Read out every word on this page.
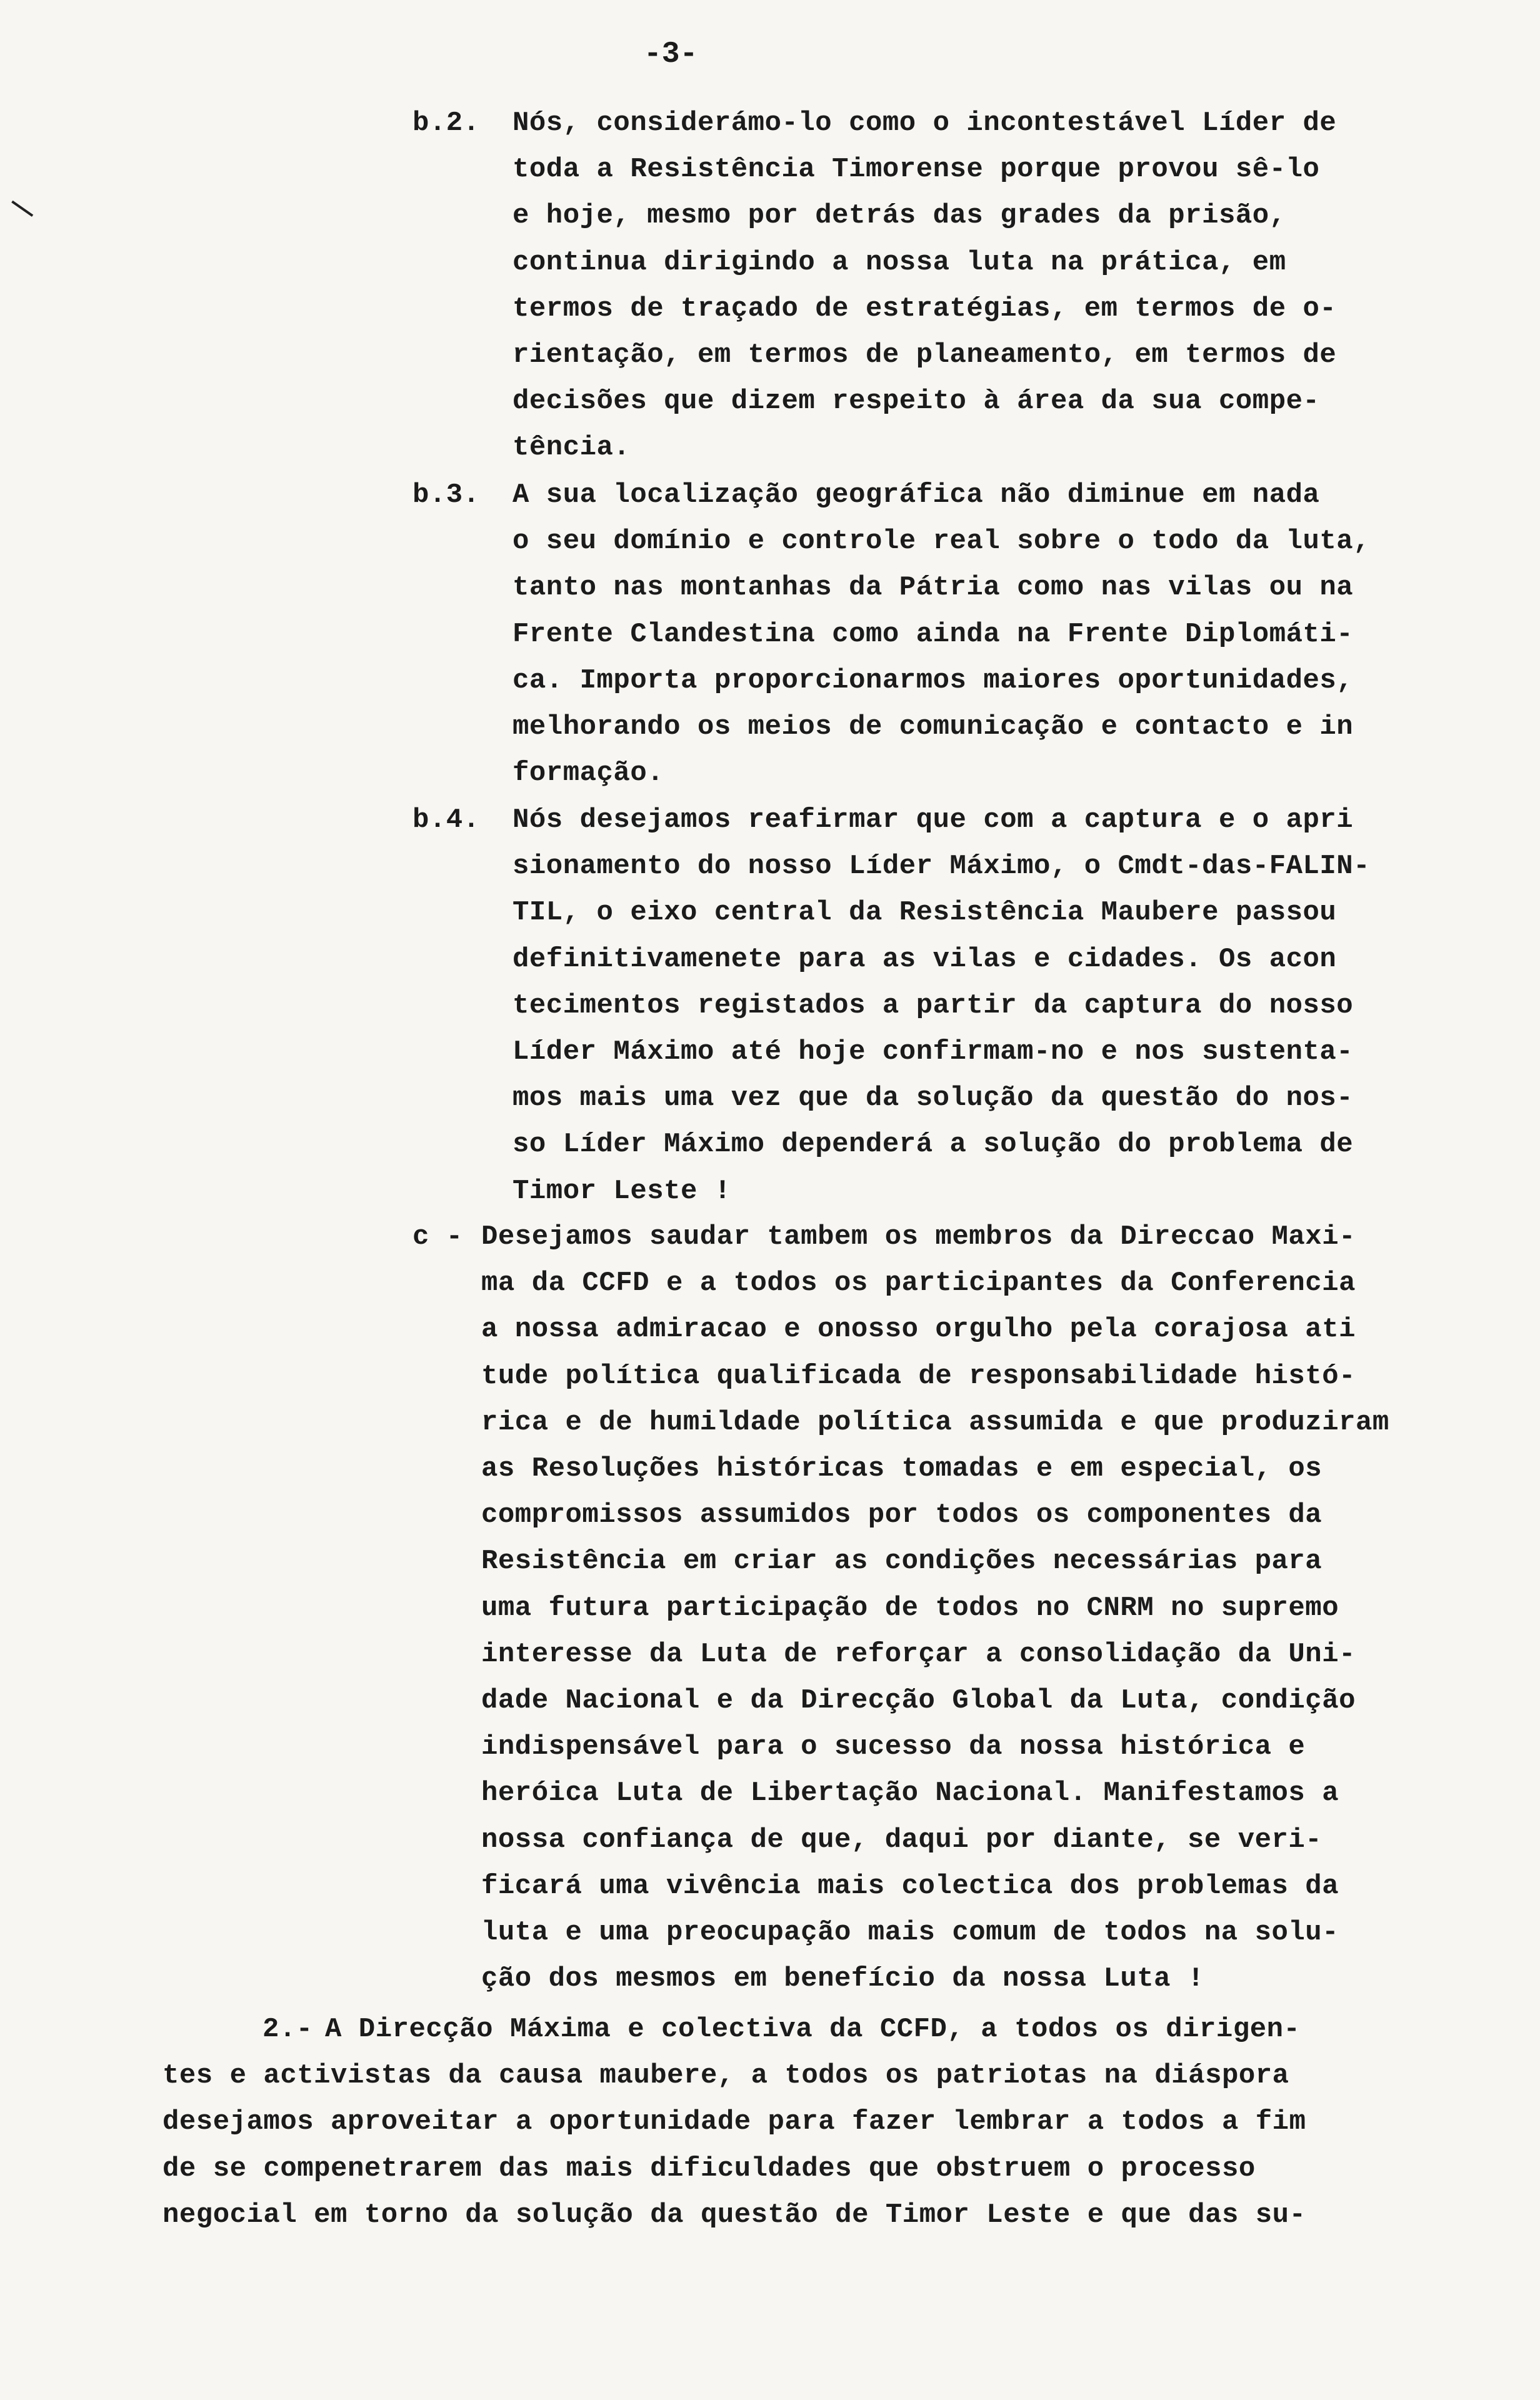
-3-
b.2. Nós, considerámo-lo como o incontestável Líder de
toda a Resistência Timorense porque provou sê-lo
e hoje, mesmo por detrás das grades da prisão,
continua dirigindo a nossa luta na prática, em
termos de traçado de estratégias, em termos de o-
rientação, em termos de planeamento, em termos de
decisões que dizem respeito à área da sua compe-
tência.
b.3. A sua localização geográfica não diminue em nada
o seu domínio e controle real sobre o todo da luta,
tanto nas montanhas da Pátria como nas vilas ou na
Frente Clandestina como ainda na Frente Diplomáti-
ca. Importa proporcionarmos maiores oportunidades,
melhorando os meios de comunicação e contacto e in
formação.
b.4. Nós desejamos reafirmar que com a captura e o apri
sionamento do nosso Líder Máximo, o Cmdt-das-FALIN-
TIL, o eixo central da Resistência Maubere passou
definitivamenete para as vilas e cidades. Os acon
tecimentos registados a partir da captura do nosso
Líder Máximo até hoje confirmam-no e nos sustenta-
mos mais uma vez que da solução da questão do nos-
so Líder Máximo dependerá a solução do problema de
Timor Leste !
c - Desejamos saudar tambem os membros da Direccao Maxi-
ma da CCFD e a todos os participantes da Conferencia
a nossa admiracao e onosso orgulho pela corajosa ati
tude política qualificada de responsabilidade histó-
rica e de humildade política assumida e que produziram
as Resoluções históricas tomadas e em especial, os
compromissos assumidos por todos os componentes da
Resistência em criar as condições necessárias para
uma futura participação de todos no CNRM no supremo
interesse da Luta de reforçar a consolidação da Uni-
dade Nacional e da Direcção Global da Luta, condição
indispensável para o sucesso da nossa histórica e
heróica Luta de Libertação Nacional. Manifestamos a
nossa confiança de que, daqui por diante, se veri-
ficará uma vivência mais colectica dos problemas da
luta e uma preocupação mais comum de todos na solu-
ção dos mesmos em benefício da nossa Luta !
2.- A Direcção Máxima e colectiva da CCFD, a todos os dirigen-
tes e activistas da causa maubere, a todos os patriotas na diáspora
desejamos aproveitar a oportunidade para fazer lembrar a todos a fim
de se compenetrarem das mais dificuldades que obstruem o processo
negocial em torno da solução da questão de Timor Leste e que das su-
